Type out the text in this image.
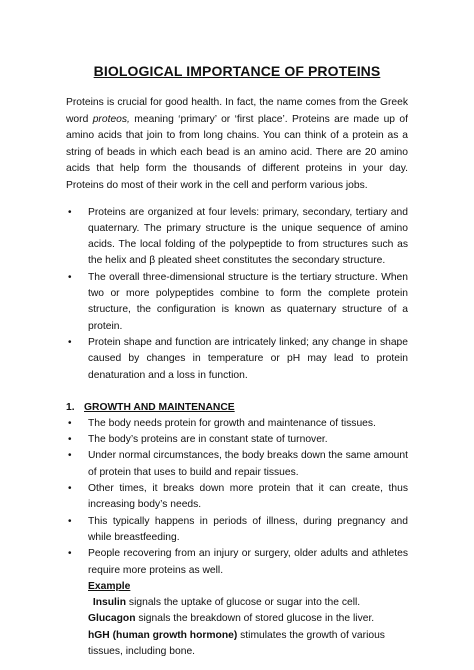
BIOLOGICAL IMPORTANCE OF PROTEINS

Proteins is crucial for good health. In fact, the name comes from the Greek word proteos, meaning ‘primary’ or ‘first place’. Proteins are made up of amino acids that join to from long chains. You can think of a protein as a string of beads in which each bead is an amino acid. There are 20 amino acids that help form the thousands of different proteins in your day. Proteins do most of their work in the cell and perform various jobs.

• Proteins are organized at four levels: primary, secondary, tertiary and quaternary. The primary structure is the unique sequence of amino acids. The local folding of the polypeptide to from structures such as the helix and β pleated sheet constitutes the secondary structure.
• The overall three-dimensional structure is the tertiary structure. When two or more polypeptides combine to form the complete protein structure, the configuration is known as quaternary structure of a protein.
• Protein shape and function are intricately linked; any change in shape caused by changes in temperature or pH may lead to protein denaturation and a loss in function.
1. GROWTH AND MAINTENANCE
• The body needs protein for growth and maintenance of tissues.
• The body’s proteins are in constant state of turnover.
• Under normal circumstances, the body breaks down the same amount of protein that uses to build and repair tissues.
• Other times, it breaks down more protein that it can create, thus increasing body’s needs.
• This typically happens in periods of illness, during pregnancy and while breastfeeding.
• People recovering from an injury or surgery, older adults and athletes require more proteins as well.

Example

Insulin signals the uptake of glucose or sugar into the cell.

Glucagon signals the breakdown of stored glucose in the liver.

hGH (human growth hormone) stimulates the growth of various tissues, including bone.
